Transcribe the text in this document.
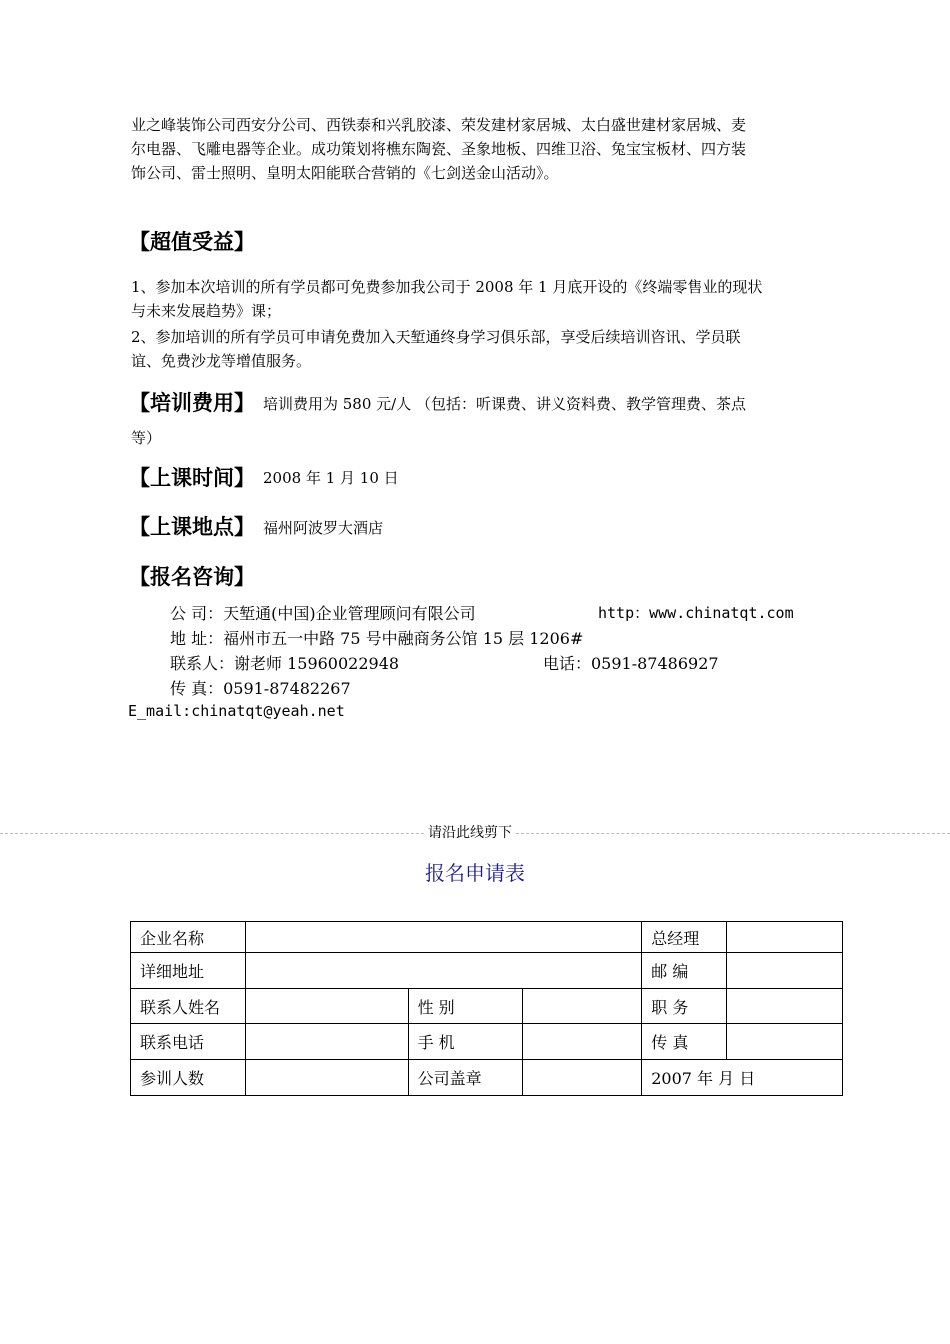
业之峰装饰公司西安分公司、西铁泰和兴乳胶漆、荣发建材家居城、太白盛世建材家居城、麦
尔电器、飞雕电器等企业。成功策划将樵东陶瓷、圣象地板、四维卫浴、兔宝宝板材、四方装
饰公司、雷士照明、皇明太阳能联合营销的《七剑送金山活动》。
【超值受益】
1、参加本次培训的所有学员都可免费参加我公司于 2008 年 1 月底开设的《终端零售业的现状
与未来发展趋势》课；
2、参加培训的所有学员可申请免费加入天堑通终身学习俱乐部，享受后续培训咨讯、学员联
谊、免费沙龙等增值服务。
【培训费用】 培训费用为 580 元/人 （包括：听课费、讲义资料费、教学管理费、茶点
等）
【上课时间】 2008 年 1 月 10 日
【上课地点】 福州阿波罗大酒店
【报名咨询】
公 司：天堑通(中国)企业管理顾问有限公司	http：www.chinatqt.com
地 址：福州市五一中路 75 号中融商务公馆 15 层 1206#
联系人：谢老师 15960022948	电话：0591-87486927
传 真：0591-87482267
E_mail:chinatqt@yeah.net
请沿此线剪下
报名申请表
企业名称				总经理	
详细地址				邮 编	
联系人姓名		性 别		职 务	
联系电话		手 机		传 真	
参训人数		公司盖章		2007 年 月 日	
